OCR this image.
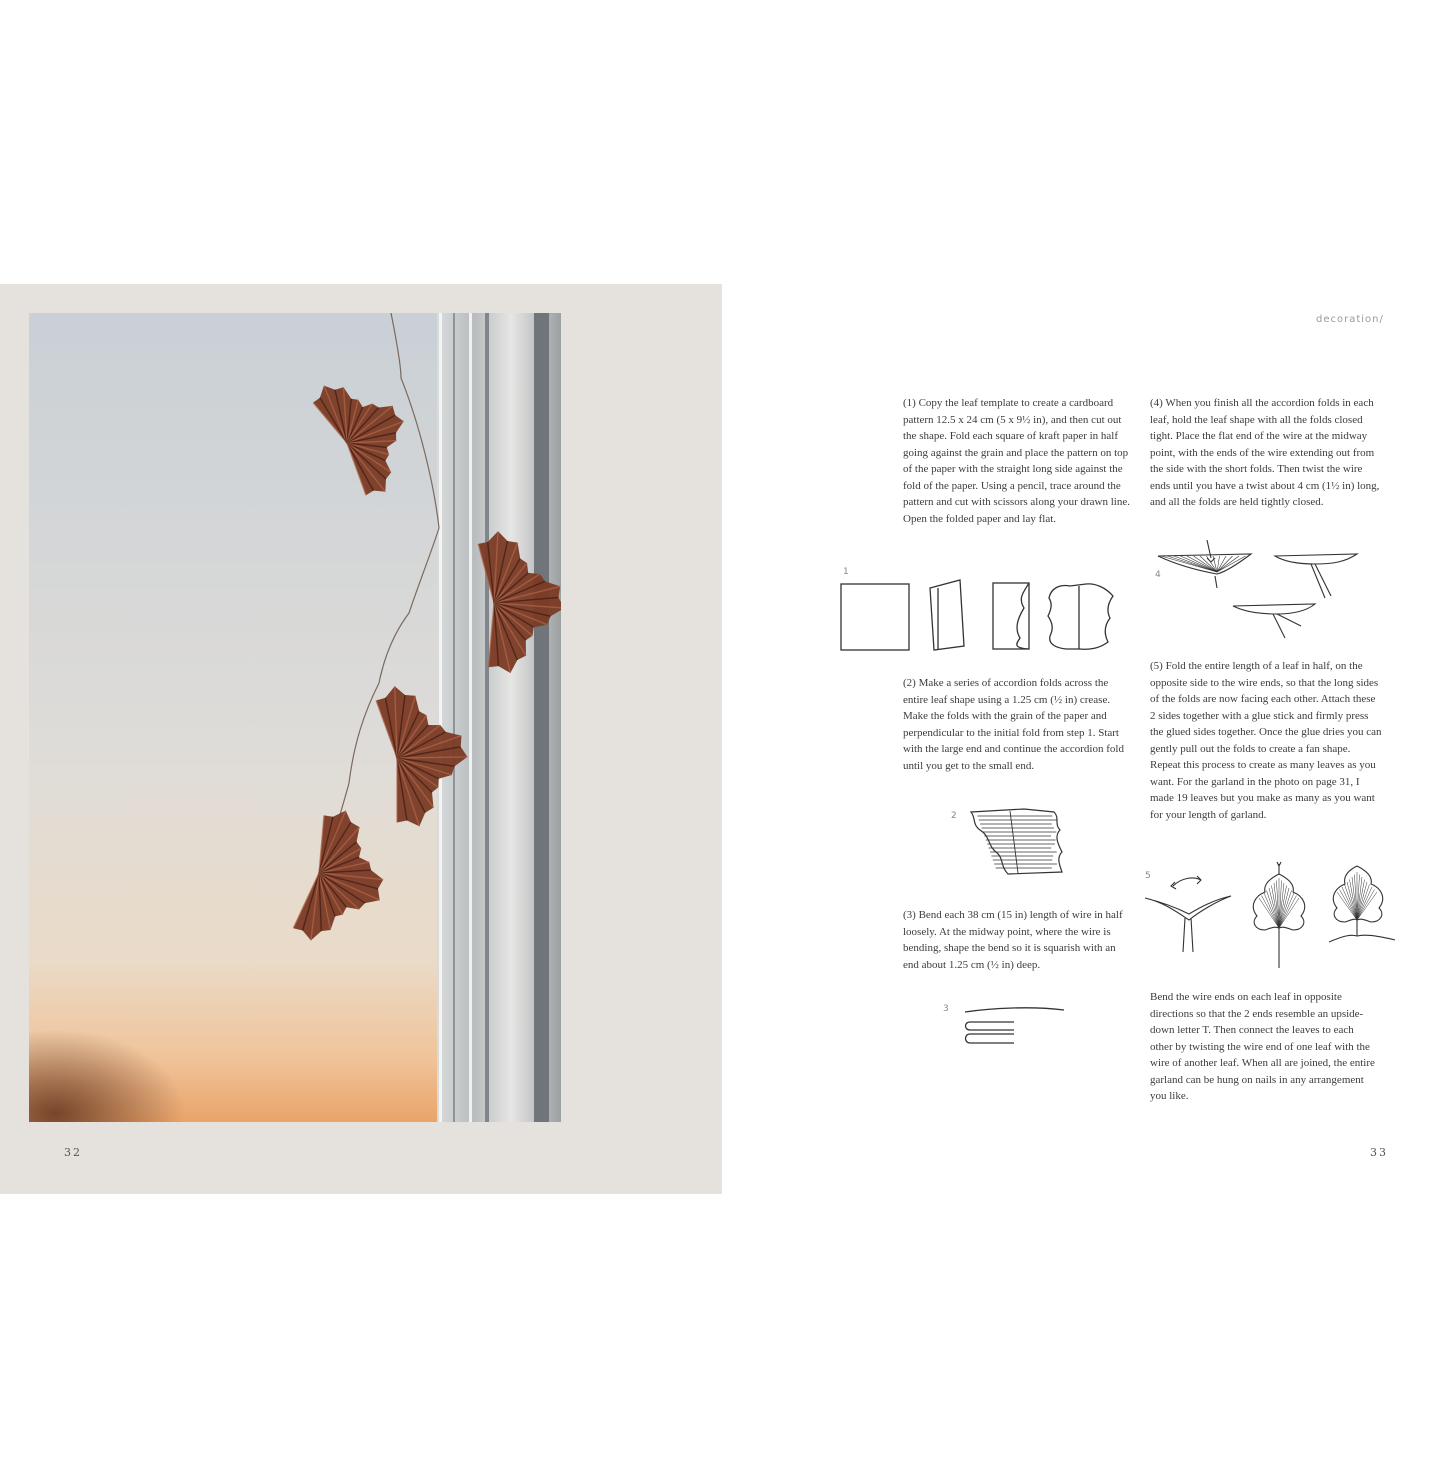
32
decoration/
(1) Copy the leaf template to create a cardboard pattern 12.5 x 24 cm (5 x 9½ in), and then cut out the shape. Fold each square of kraft paper in half going against the grain and place the pattern on top of the paper with the straight long side against the fold of the paper. Using a pencil, trace around the pattern and cut with scissors along your drawn line. Open the folded paper and lay flat.
(4) When you finish all the accordion folds in each leaf, hold the leaf shape with all the folds closed tight. Place the flat end of the wire at the midway point, with the ends of the wire extending out from the side with the short folds. Then twist the wire ends until you have a twist about 4 cm (1½ in) long, and all the folds are held tightly closed.
(2) Make a series of accordion folds across the entire leaf shape using a 1.25 cm (½ in) crease. Make the folds with the grain of the paper and perpendicular to the initial fold from step 1. Start with the large end and continue the accordion fold until you get to the small end.
(5) Fold the entire length of a leaf in half, on the opposite side to the wire ends, so that the long sides of the folds are now facing each other. Attach these 2 sides together with a glue stick and firmly press the glued sides together. Once the glue dries you can gently pull out the folds to create a fan shape. Repeat this process to create as many leaves as you want. For the garland in the photo on page 31, I made 19 leaves but you make as many as you want for your length of garland.
(3) Bend each 38 cm (15 in) length of wire in half loosely. At the midway point, where the wire is bending, shape the bend so it is squarish with an end about 1.25 cm (½ in) deep.
Bend the wire ends on each leaf in opposite directions so that the 2 ends resemble an upside-down letter T. Then connect the leaves to each other by twisting the wire end of one leaf with the wire of another leaf. When all are joined, the entire garland can be hung on nails in any arrangement you like.
1
2
3
4
5
33
